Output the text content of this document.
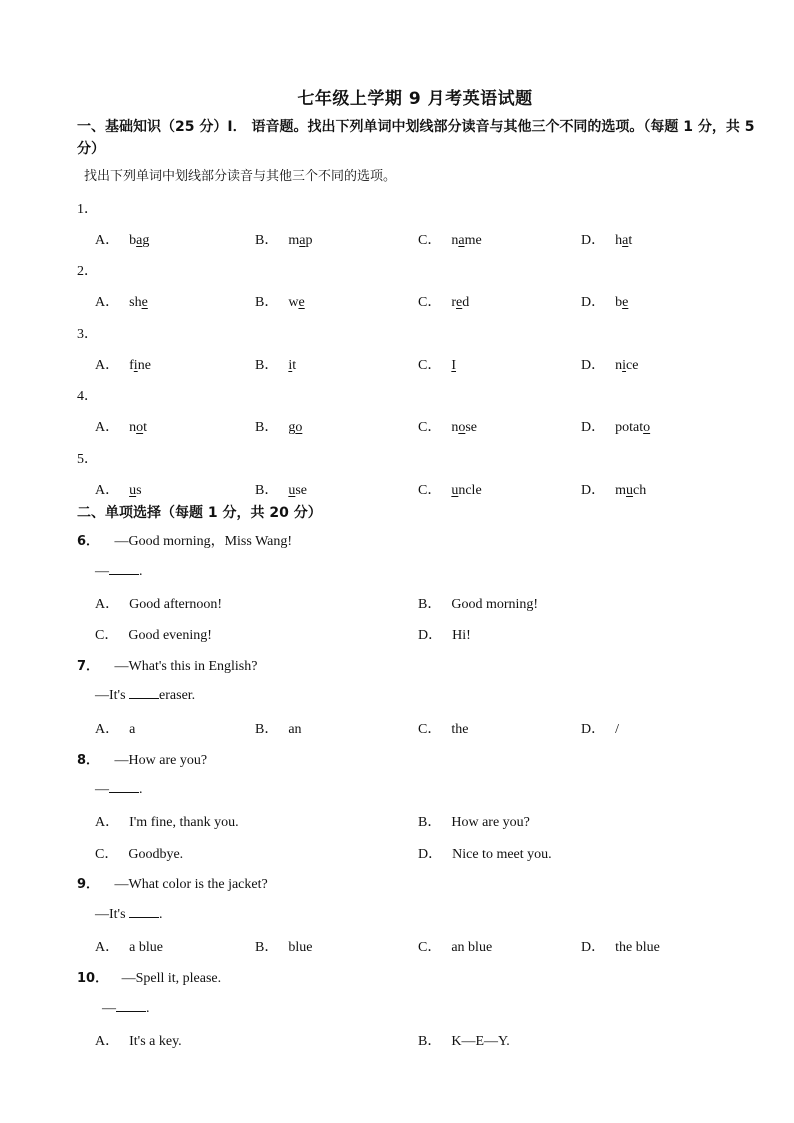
七年级上学期 9 月考英语试题
一、基础知识（25 分）I． 语音题。找出下列单词中划线部分读音与其他三个不同的选项。（每题 1 分，共 5 分）
找出下列单词中划线部分读音与其他三个不同的选项。
1．
2．
3．
4．
5．
A． bag	B． map	C． name	D． hat
A． she	B． we	C． red	D． be
A． fine	B． it	C． I	D． nice
A． not	B． go	C． nose	D． potato
A． us	B． use	C． uncle	D． much
二、单项选择（每题 1 分，共 20 分）
6． —Good morning，Miss Wang!
— .
7． —What's this in English?
—It's eraser.
8． —How are you?
— .
9． —What color is the jacket?
—It's .
10． —Spell it, please.
— .
A． Good afternoon!	B． Good morning!
C． Good evening!	D． Hi!
A． a	B． an	C． the	D． /
A． I'm fine, thank you.	B． How are you?
C． Goodbye.	D． Nice to meet you.
A． a blue	B． blue	C． an blue	D． the blue
A． It's a key.	B． K—E—Y.
